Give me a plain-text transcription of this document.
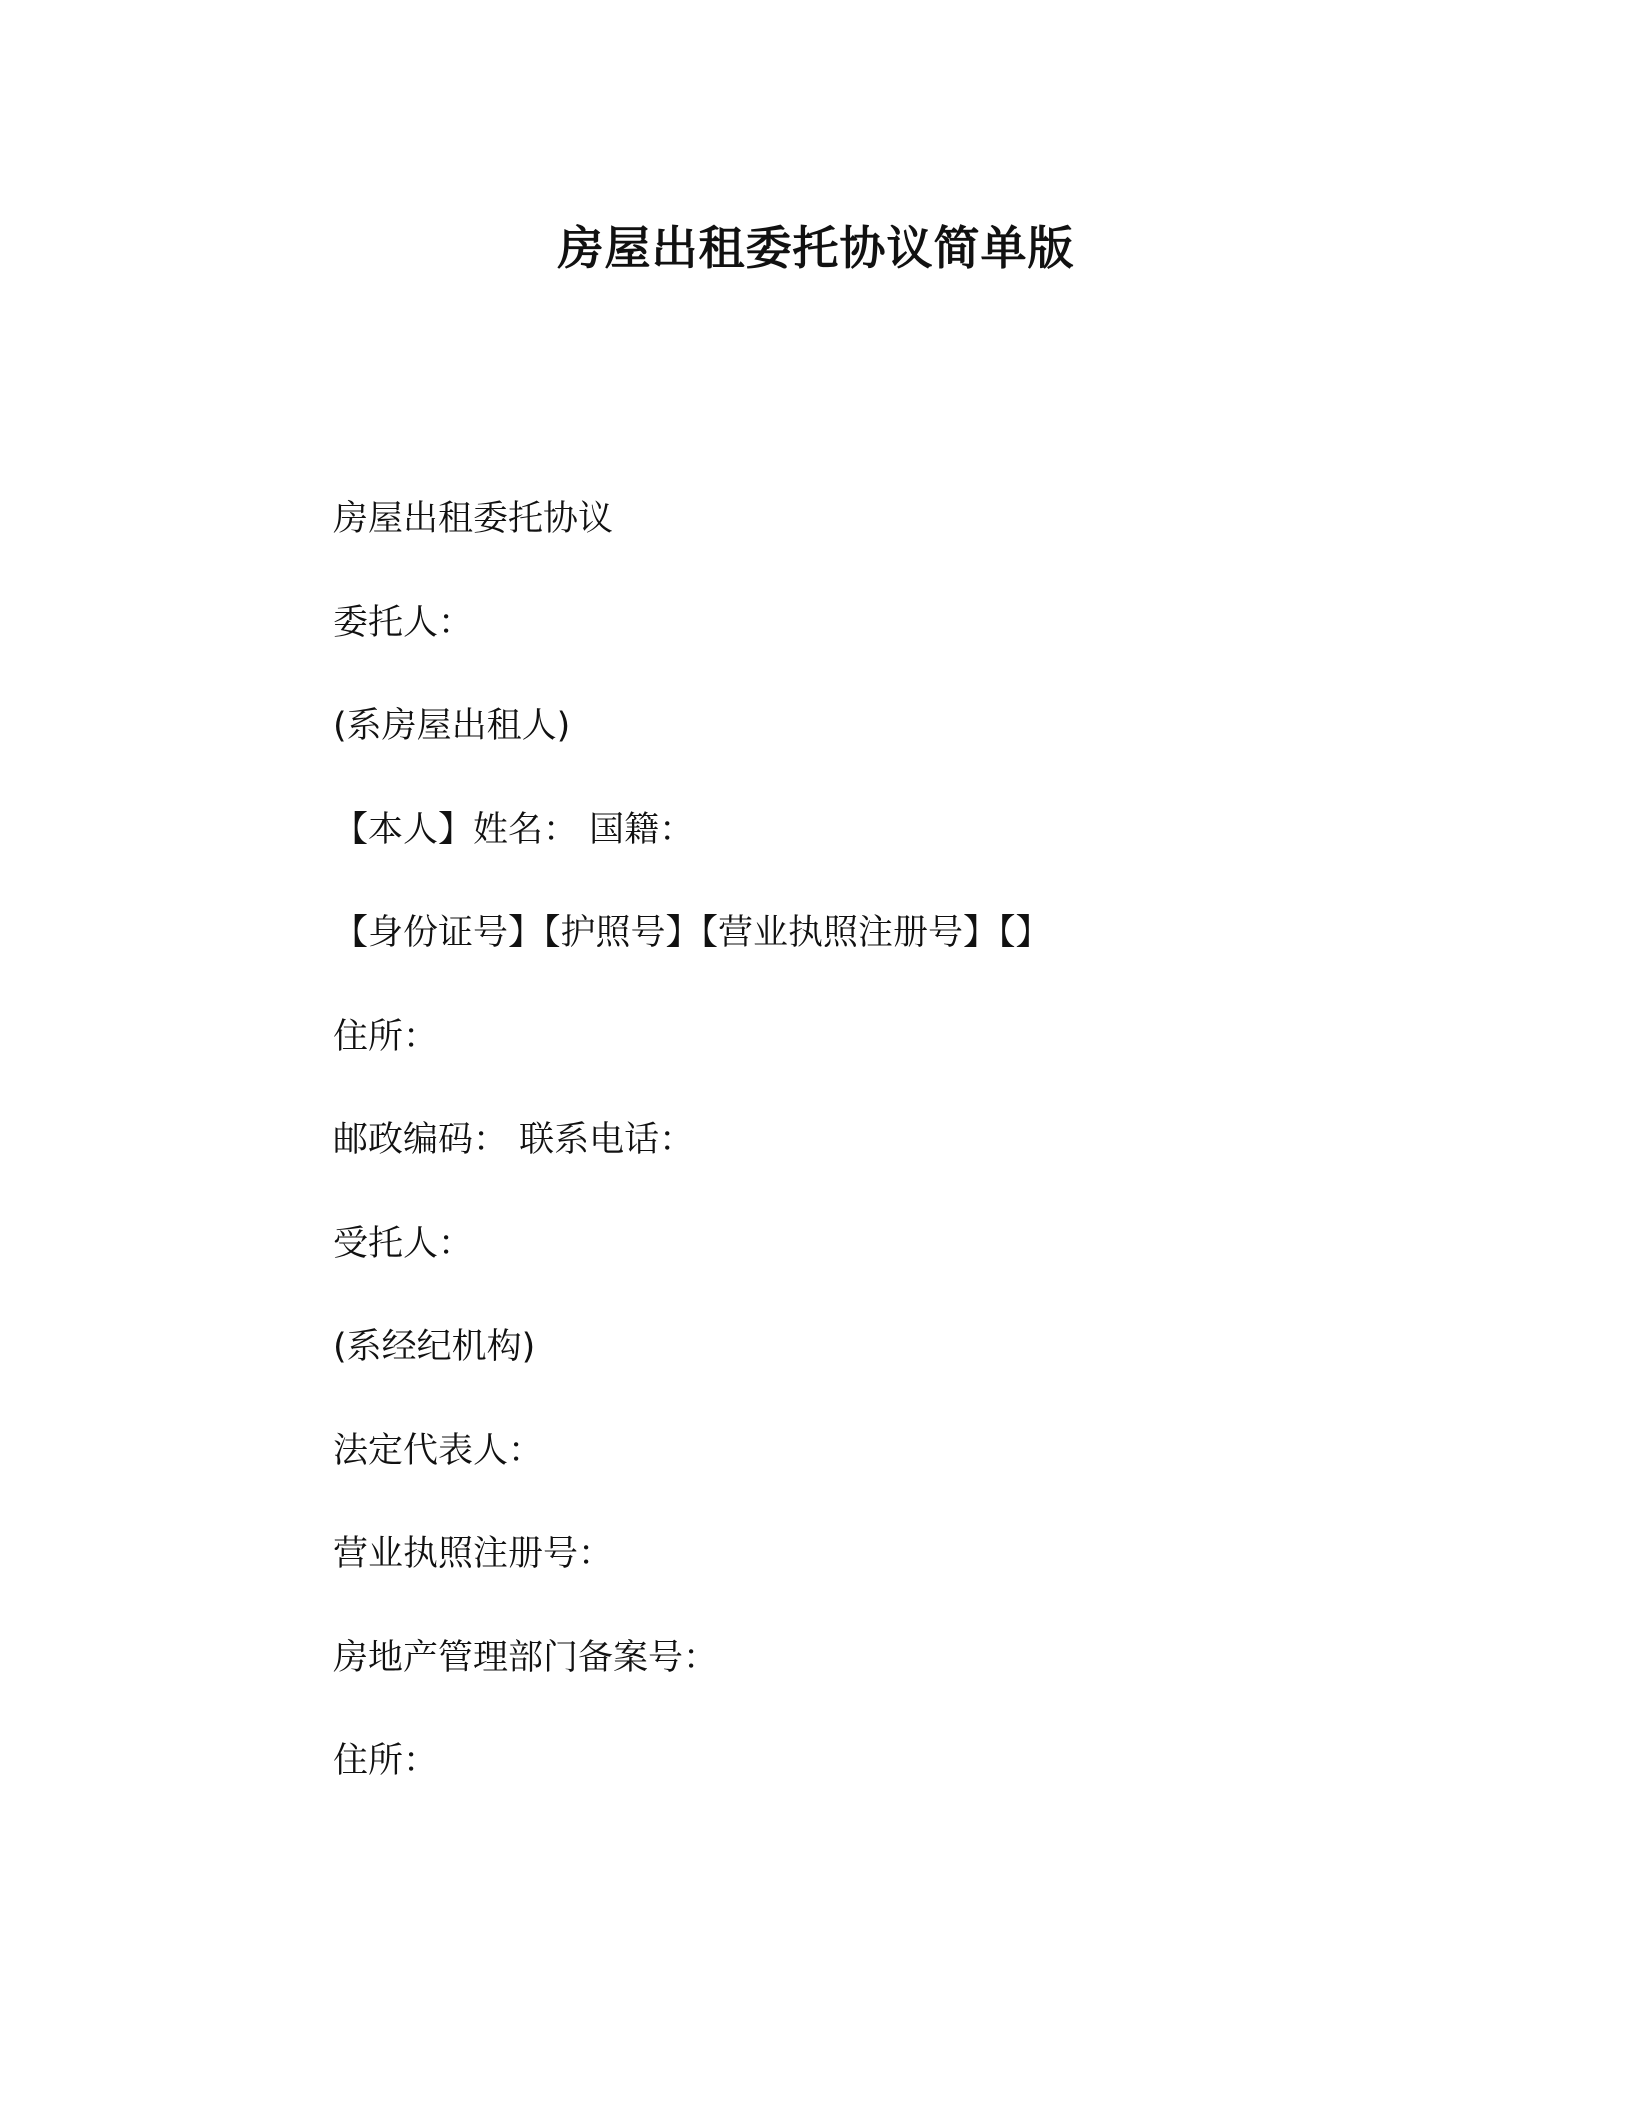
房屋出租委托协议简单版
房屋出租委托协议
委托人：
(系房屋出租人)
【本人】姓名： 国籍：
【身份证号】【护照号】【营业执照注册号】【】
住所：
邮政编码： 联系电话：
受托人：
(系经纪机构)
法定代表人：
营业执照注册号：
房地产管理部门备案号：
住所：
